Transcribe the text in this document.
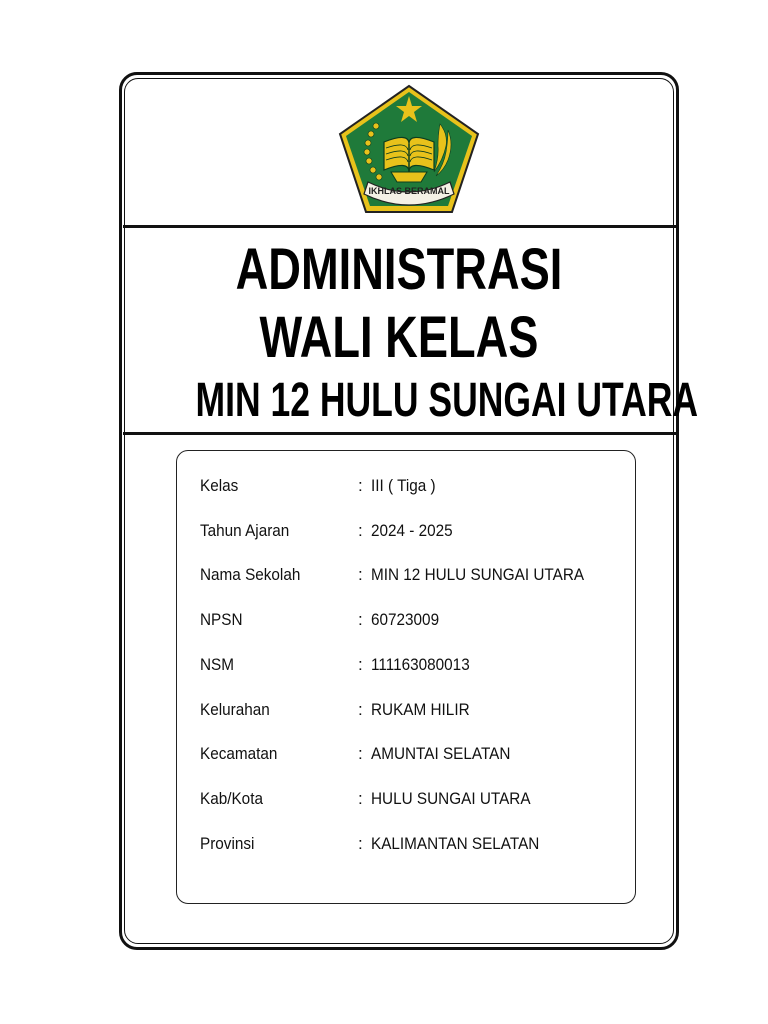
IKHLAS BERAMAL
ADMINISTRASI
WALI KELAS
MIN 12 HULU SUNGAI UTARA
Kelas	: III ( Tiga )
Tahun Ajaran	: 2024 - 2025
Nama Sekolah	: MIN 12 HULU SUNGAI UTARA
NPSN	: 60723009
NSM	: 111163080013
Kelurahan	: RUKAM HILIR
Kecamatan	: AMUNTAI SELATAN
Kab/Kota	: HULU SUNGAI UTARA
Provinsi	: KALIMANTAN SELATAN
